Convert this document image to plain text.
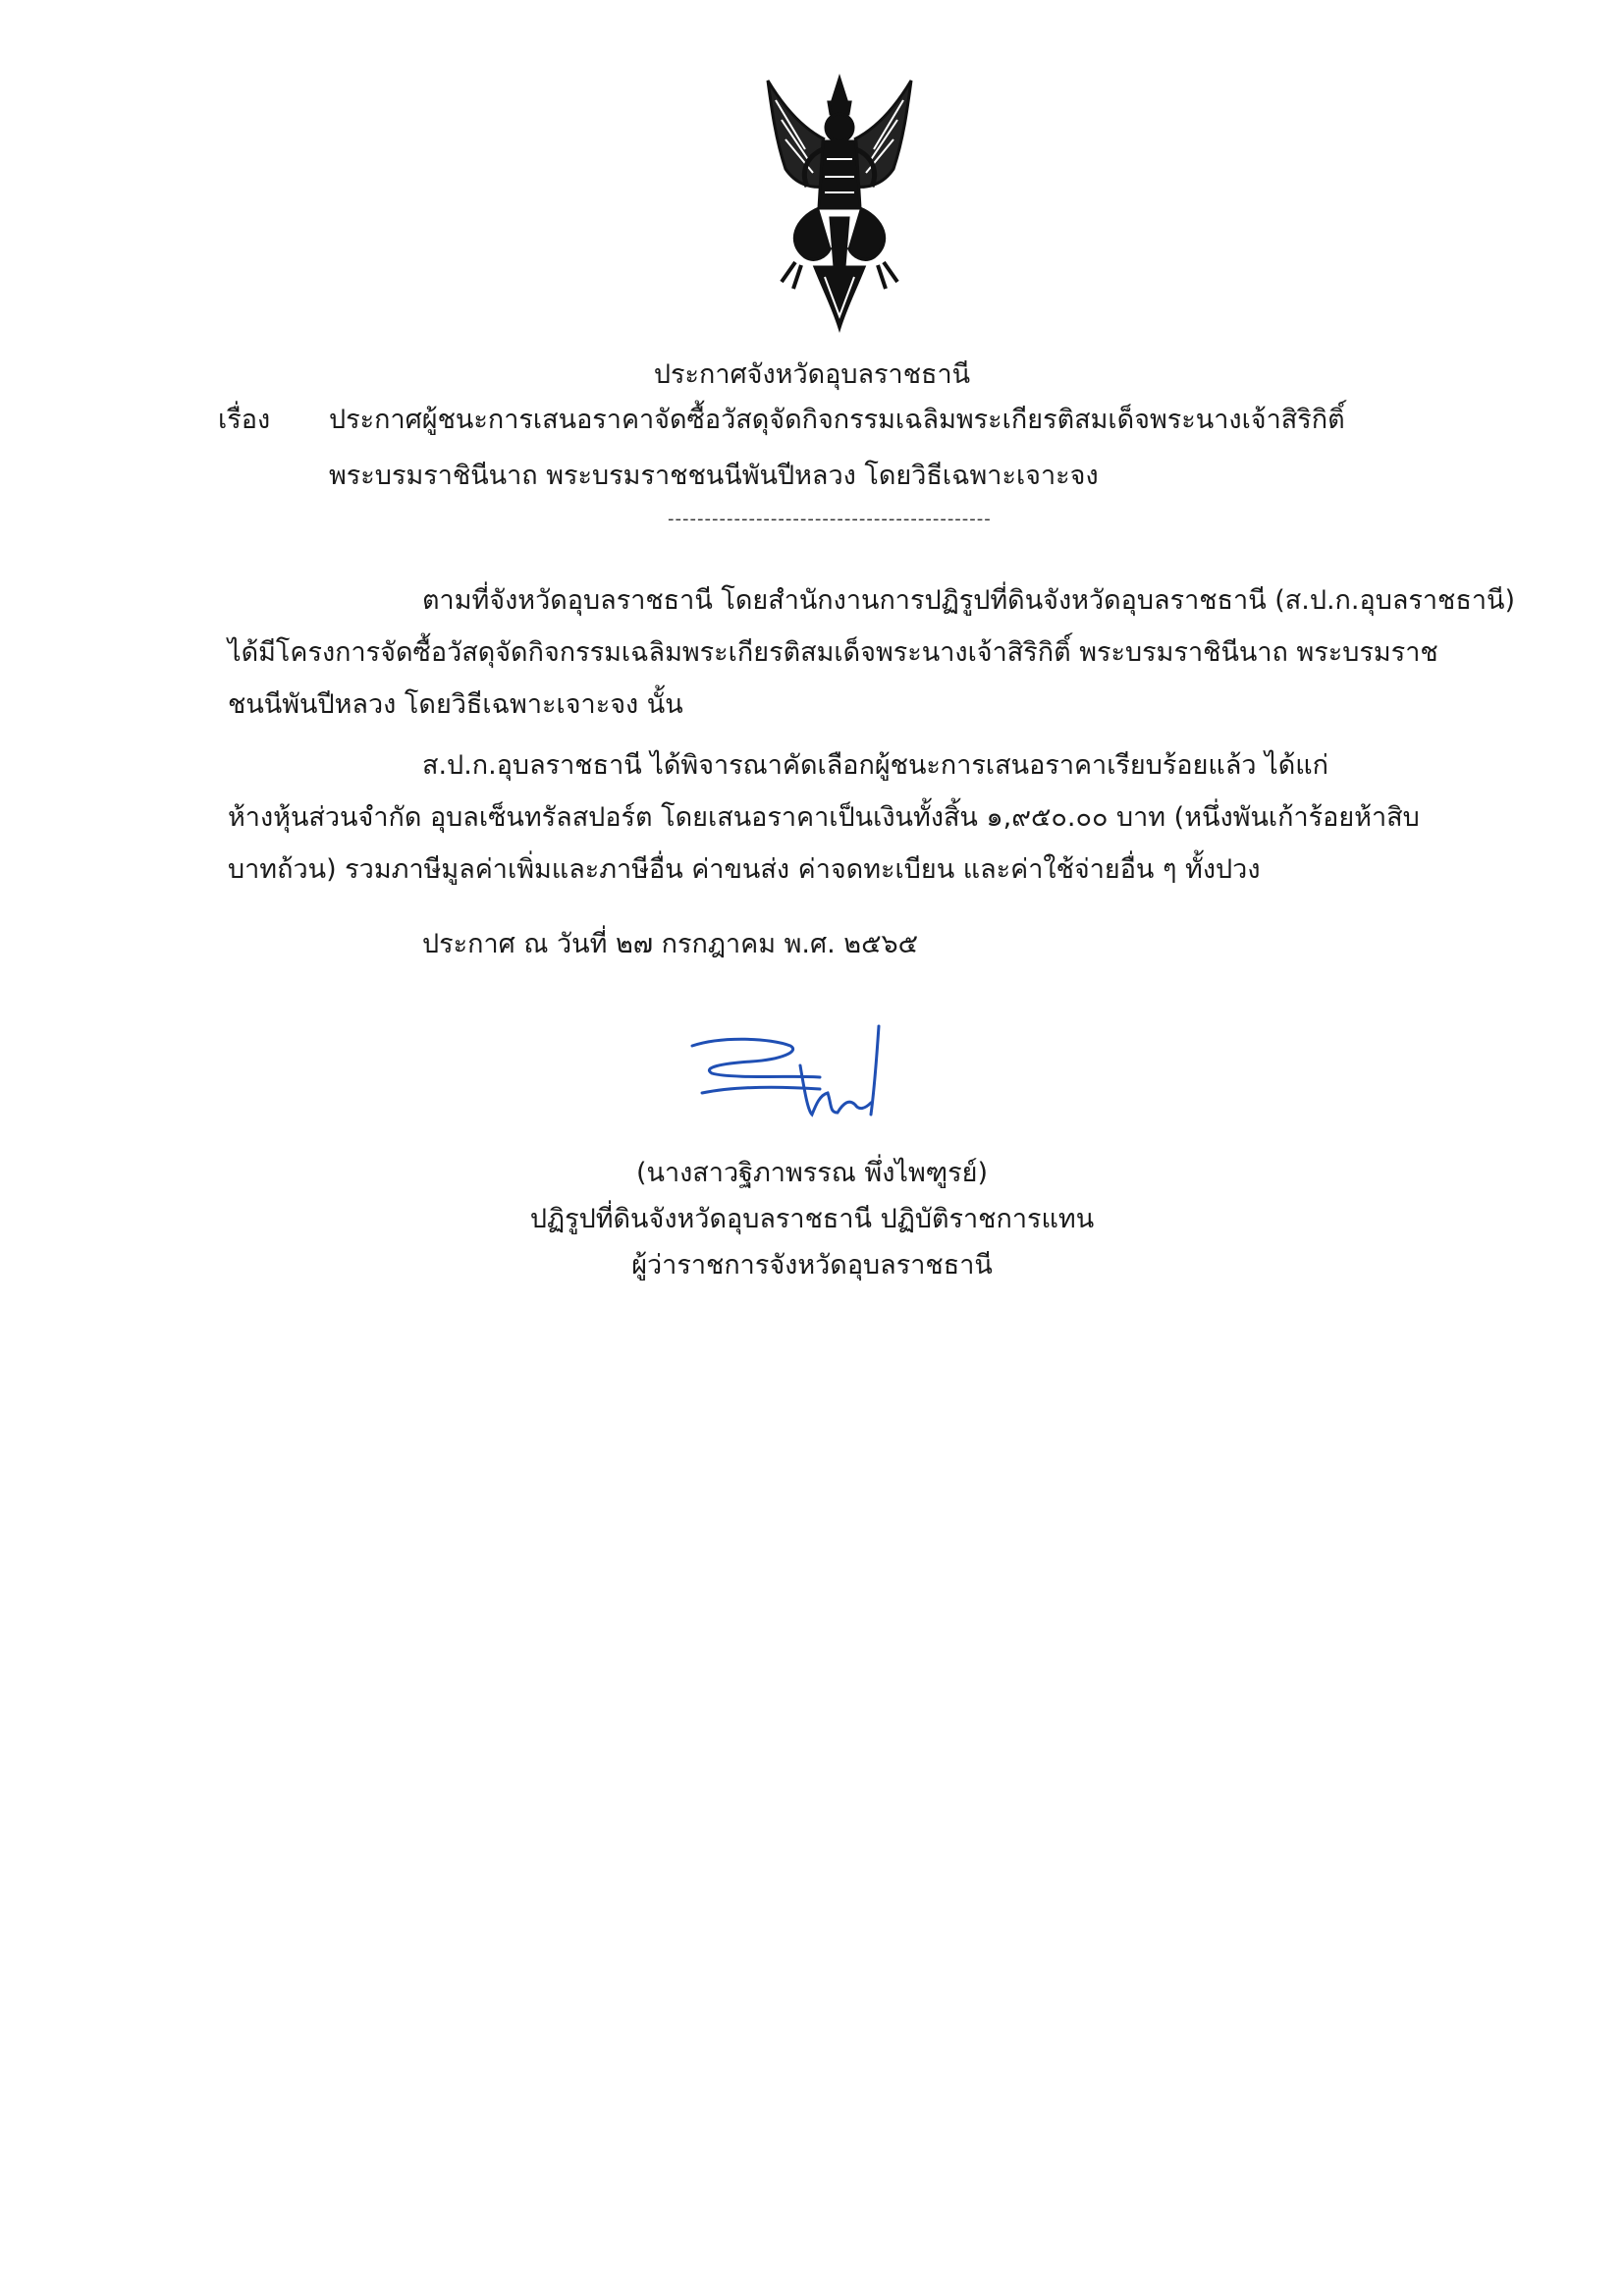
ประกาศจังหวัดอุบลราชธานี
เรื่อง ประกาศผู้ชนะการเสนอราคาจัดซื้อวัสดุจัดกิจกรรมเฉลิมพระเกียรติสมเด็จพระนางเจ้าสิริกิติ์
พระบรมราชินีนาถ พระบรมราชชนนีพันปีหลวง โดยวิธีเฉพาะเจาะจง
--------------------------------------------
ตามที่จังหวัดอุบลราชธานี โดยสำนักงานการปฏิรูปที่ดินจังหวัดอุบลราชธานี (ส.ป.ก.อุบลราชธานี)
ได้มีโครงการจัดซื้อวัสดุจัดกิจกรรมเฉลิมพระเกียรติสมเด็จพระนางเจ้าสิริกิติ์ พระบรมราชินีนาถ พระบรมราช
ชนนีพันปีหลวง โดยวิธีเฉพาะเจาะจง นั้น
ส.ป.ก.อุบลราชธานี ได้พิจารณาคัดเลือกผู้ชนะการเสนอราคาเรียบร้อยแล้ว ได้แก่
ห้างหุ้นส่วนจำกัด อุบลเซ็นทรัลสปอร์ต โดยเสนอราคาเป็นเงินทั้งสิ้น ๑,๙๕๐.๐๐ บาท (หนึ่งพันเก้าร้อยห้าสิบ
บาทถ้วน) รวมภาษีมูลค่าเพิ่มและภาษีอื่น ค่าขนส่ง ค่าจดทะเบียน และค่าใช้จ่ายอื่น ๆ ทั้งปวง
ประกาศ ณ วันที่ ๒๗ กรกฎาคม พ.ศ. ๒๕๖๕
(นางสาวฐิภาพรรณ พึ่งไพฑูรย์)
ปฏิรูปที่ดินจังหวัดอุบลราชธานี ปฏิบัติราชการแทน
ผู้ว่าราชการจังหวัดอุบลราชธานี
